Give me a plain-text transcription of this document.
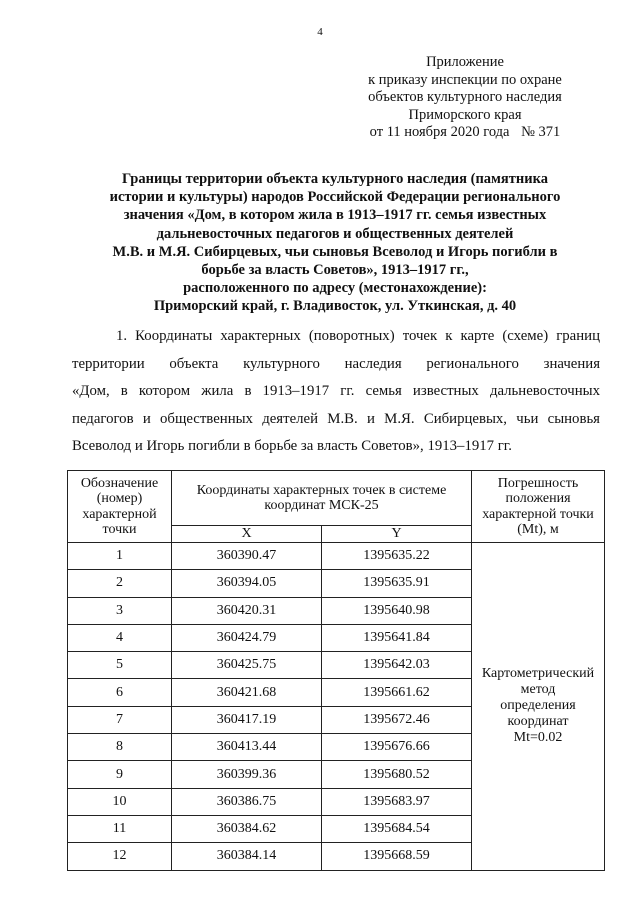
4
Приложение
к приказу инспекции по охране
объектов культурного наследия
Приморского края
от 11 ноября 2020 года № 371
Границы территории объекта культурного наследия (памятника
истории и культуры) народов Российской Федерации регионального
значения «Дом, в котором жила в 1913–1917 гг. семья известных
дальневосточных педагогов и общественных деятелей
М.В. и М.Я. Сибирцевых, чьи сыновья Всеволод и Игорь погибли в
борьбе за власть Советов», 1913–1917 гг.,
расположенного по адресу (местонахождение):
Приморский край, г. Владивосток, ул. Уткинская, д. 40
1. Координаты характерных (поворотных) точек к карте (схеме) границ
территории объекта культурного наследия регионального значения
«Дом, в котором жила в 1913–1917 гг. семья известных дальневосточных
педагогов и общественных деятелей М.В. и М.Я. Сибирцевых, чьи сыновья
Всеволод и Игорь погибли в борьбе за власть Советов», 1913–1917 гг.
Обозначение
(номер)
характерной
точки	Координаты характерных точек в системе
координат МСК-25		Погрешность
положения
характерной точки
(Mt), м

	X	Y	
1	360390.47	1395635.22	Картометрический
метод
определения
координат
Mt=0.02

2	360394.05	1395635.91	
3	360420.31	1395640.98	
4	360424.79	1395641.84	
5	360425.75	1395642.03	
6	360421.68	1395661.62	
7	360417.19	1395672.46	
8	360413.44	1395676.66	
9	360399.36	1395680.52	
10	360386.75	1395683.97	
11	360384.62	1395684.54	
12	360384.14	1395668.59	
